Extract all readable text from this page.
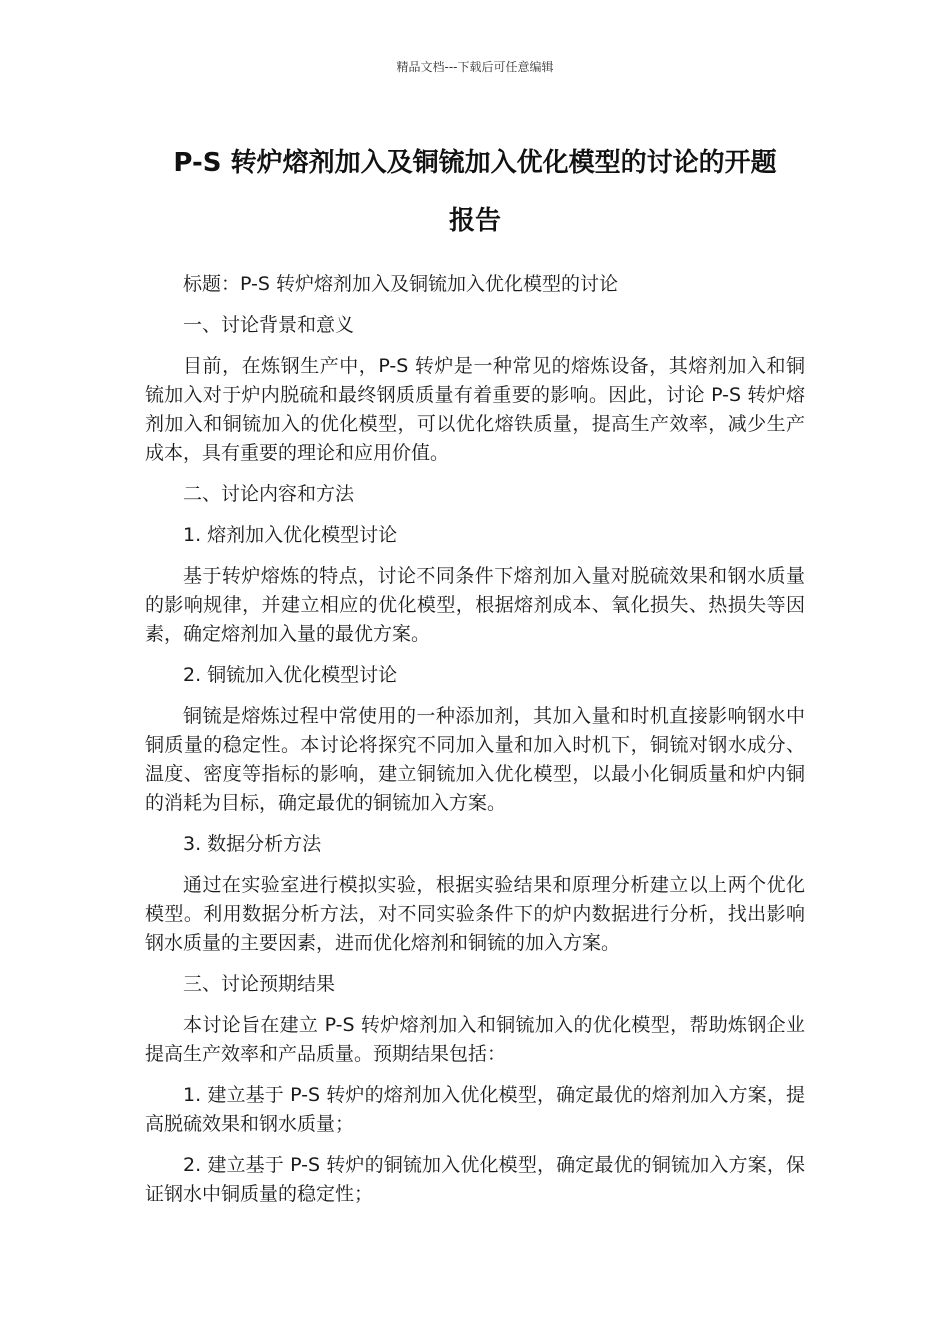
精品文档---下载后可任意编辑
P-S 转炉熔剂加入及铜锍加入优化模型的讨论的开题
报告

标题：P-S 转炉熔剂加入及铜锍加入优化模型的讨论

一、讨论背景和意义

目前，在炼钢生产中，P-S 转炉是一种常见的熔炼设备，其熔剂加入和铜锍加入对于炉内脱硫和最终钢质质量有着重要的影响。因此，讨论 P-S 转炉熔剂加入和铜锍加入的优化模型，可以优化熔铁质量，提高生产效率，减少生产成本，具有重要的理论和应用价值。

二、讨论内容和方法

1. 熔剂加入优化模型讨论

基于转炉熔炼的特点，讨论不同条件下熔剂加入量对脱硫效果和钢水质量的影响规律，并建立相应的优化模型，根据熔剂成本、氧化损失、热损失等因素，确定熔剂加入量的最优方案。

2. 铜锍加入优化模型讨论

铜锍是熔炼过程中常使用的一种添加剂，其加入量和时机直接影响钢水中铜质量的稳定性。本讨论将探究不同加入量和加入时机下，铜锍对钢水成分、温度、密度等指标的影响，建立铜锍加入优化模型，以最小化铜质量和炉内铜的消耗为目标，确定最优的铜锍加入方案。

3. 数据分析方法

通过在实验室进行模拟实验，根据实验结果和原理分析建立以上两个优化模型。利用数据分析方法，对不同实验条件下的炉内数据进行分析，找出影响钢水质量的主要因素，进而优化熔剂和铜锍的加入方案。

三、讨论预期结果

本讨论旨在建立 P-S 转炉熔剂加入和铜锍加入的优化模型，帮助炼钢企业提高生产效率和产品质量。预期结果包括：

1. 建立基于 P-S 转炉的熔剂加入优化模型，确定最优的熔剂加入方案，提高脱硫效果和钢水质量；

2. 建立基于 P-S 转炉的铜锍加入优化模型，确定最优的铜锍加入方案，保证钢水中铜质量的稳定性；
